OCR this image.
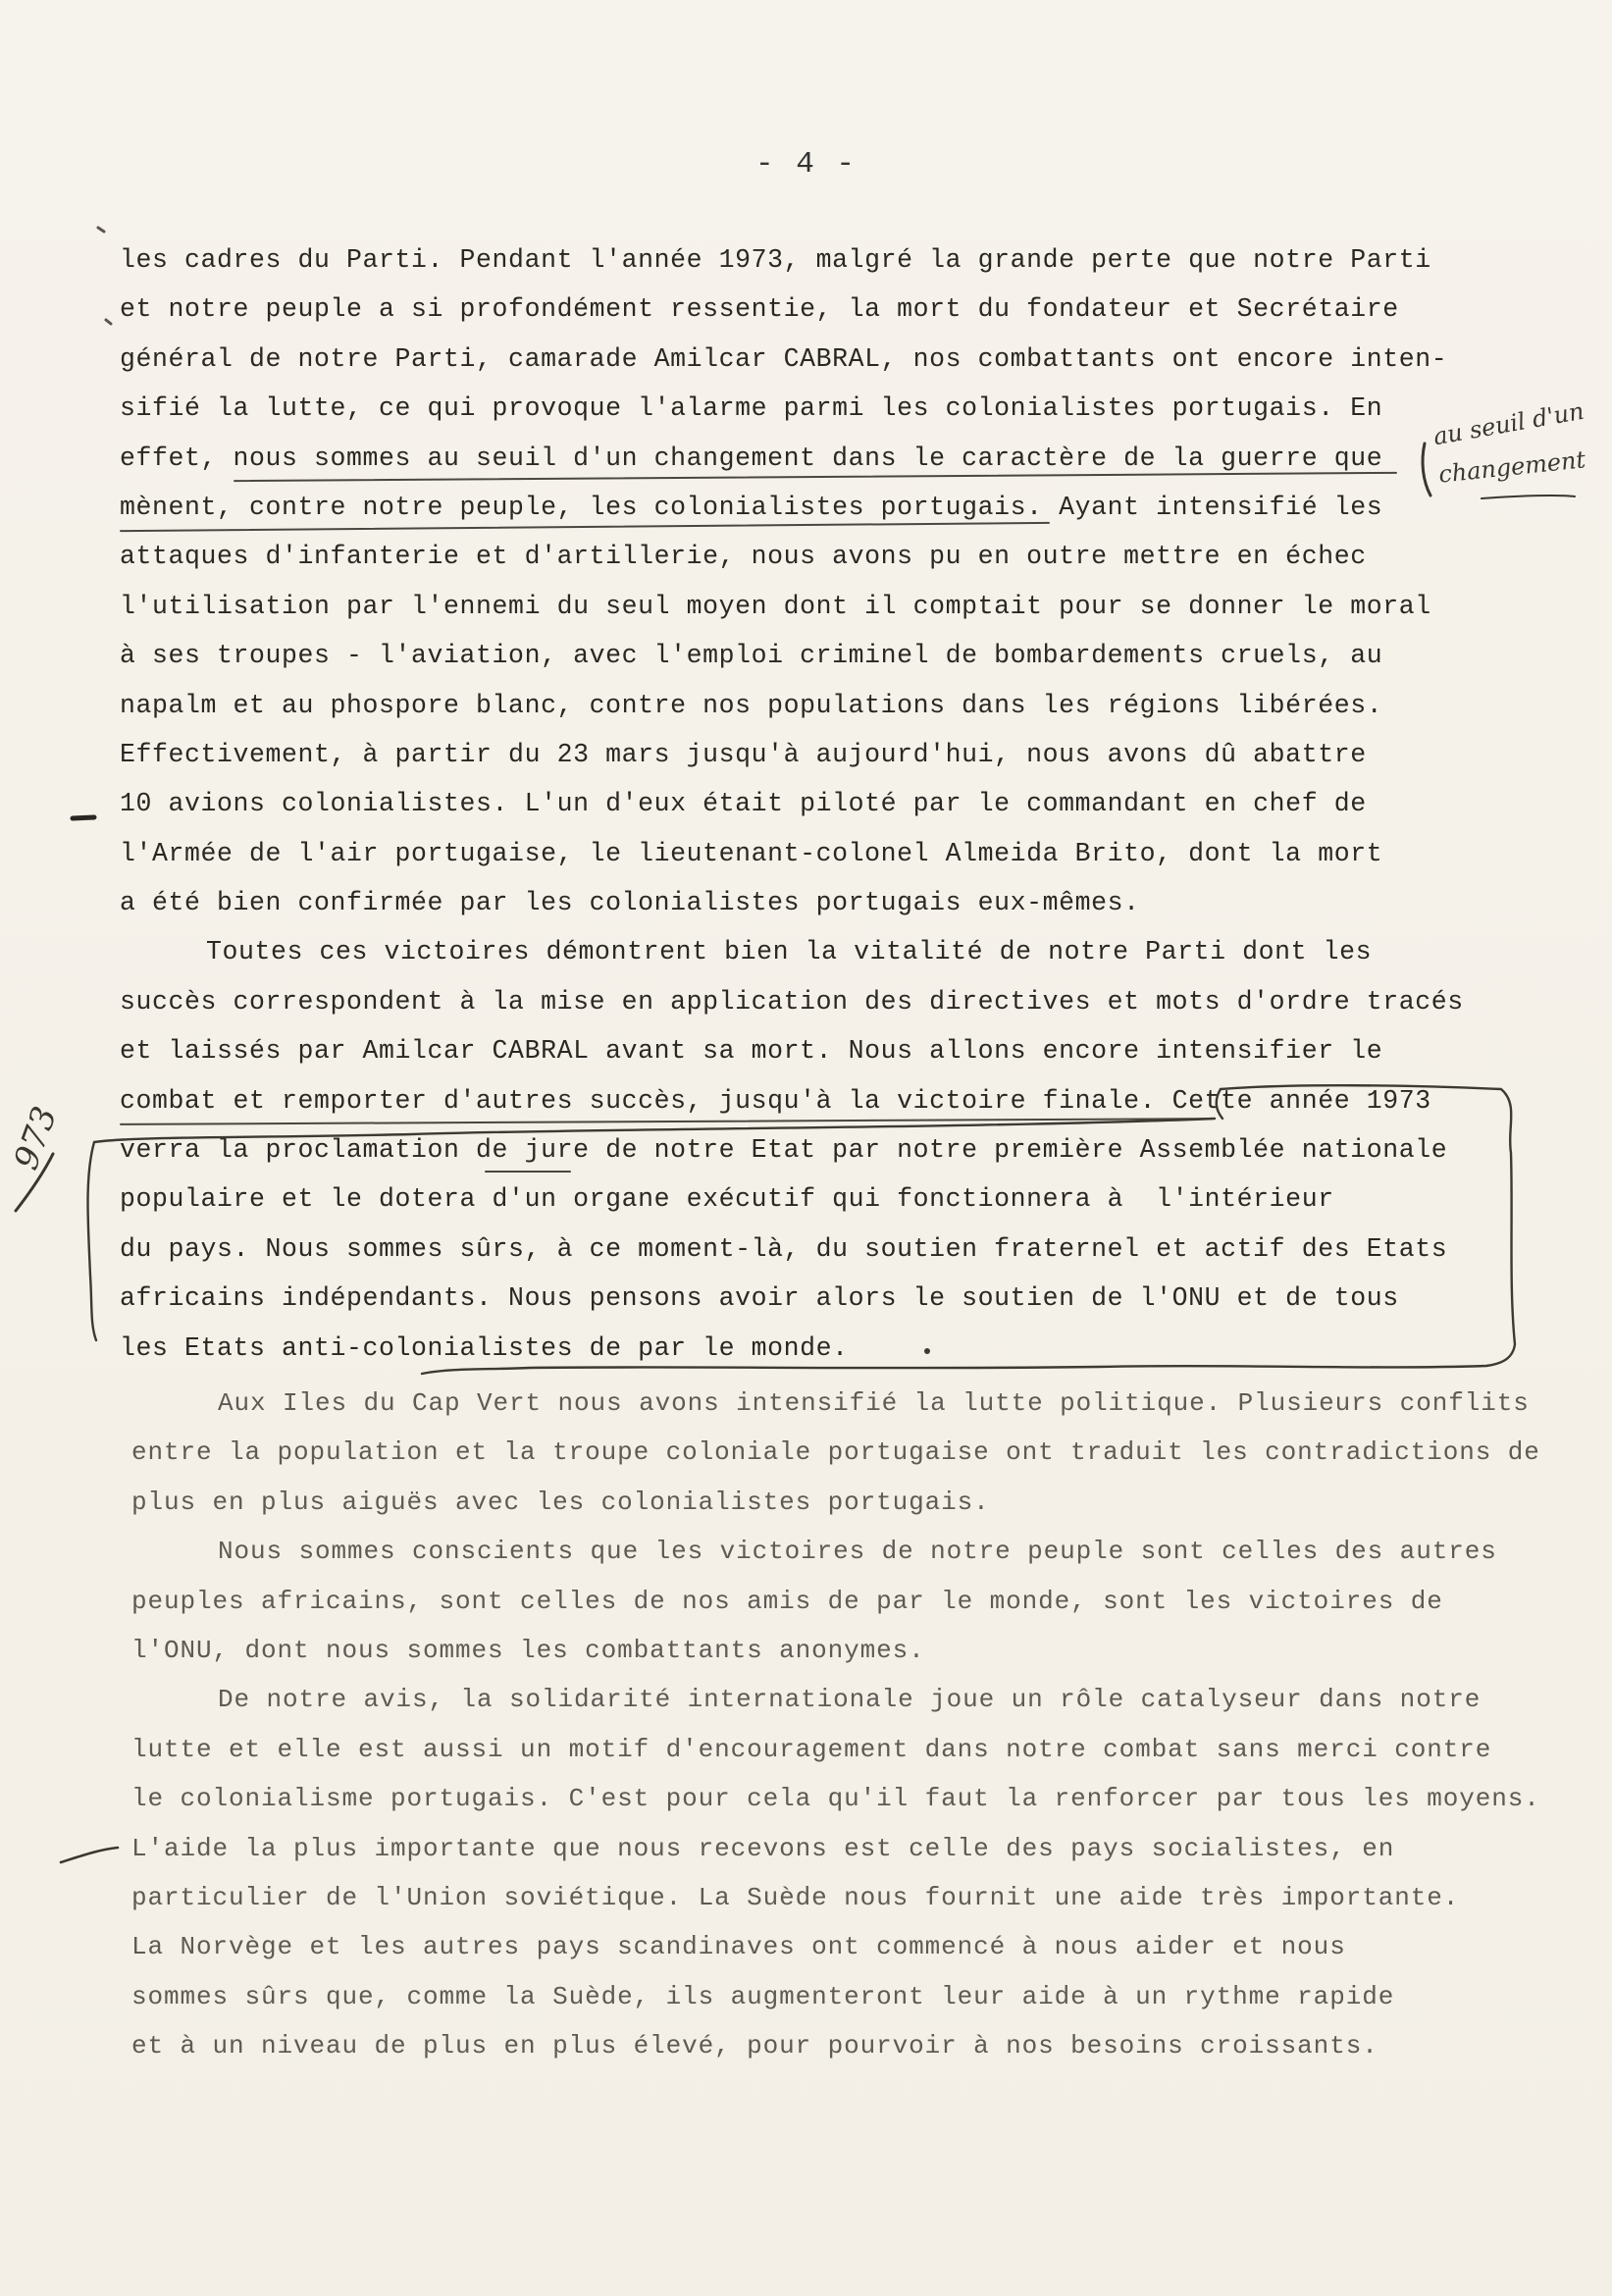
- 4 -
les cadres du Parti. Pendant l'année 1973, malgré la grande perte que notre Parti
et notre peuple a si profondément ressentie, la mort du fondateur et Secrétaire
général de notre Parti, camarade Amilcar CABRAL, nos combattants ont encore inten-
sifié la lutte, ce qui provoque l'alarme parmi les colonialistes portugais. En
effet, nous sommes au seuil d'un changement dans le caractère de la guerre que
mènent, contre notre peuple, les colonialistes portugais. Ayant intensifié les
attaques d'infanterie et d'artillerie, nous avons pu en outre mettre en échec
l'utilisation par l'ennemi du seul moyen dont il comptait pour se donner le moral
à ses troupes - l'aviation, avec l'emploi criminel de bombardements cruels, au
napalm et au phospore blanc, contre nos populations dans les régions libérées.
Effectivement, à partir du 23 mars jusqu'à aujourd'hui, nous avons dû abattre
10 avions colonialistes. L'un d'eux était piloté par le commandant en chef de
l'Armée de l'air portugaise, le lieutenant-colonel Almeida Brito, dont la mort
a été bien confirmée par les colonialistes portugais eux-mêmes.
Toutes ces victoires démontrent bien la vitalité de notre Parti dont les
succès correspondent à la mise en application des directives et mots d'ordre tracés
et laissés par Amilcar CABRAL avant sa mort. Nous allons encore intensifier le
combat et remporter d'autres succès, jusqu'à la victoire finale. Cette année 1973
verra la proclamation de jure de notre Etat par notre première Assemblée nationale
populaire et le dotera d'un organe exécutif qui fonctionnera à  l'intérieur
du pays. Nous sommes sûrs, à ce moment-là, du soutien fraternel et actif des Etats
africains indépendants. Nous pensons avoir alors le soutien de l'ONU et de tous
les Etats anti-colonialistes de par le monde.
Aux Iles du Cap Vert nous avons intensifié la lutte politique. Plusieurs conflits
entre la population et la troupe coloniale portugaise ont traduit les contradictions de
plus en plus aiguës avec les colonialistes portugais.
Nous sommes conscients que les victoires de notre peuple sont celles des autres
peuples africains, sont celles de nos amis de par le monde, sont les victoires de
l'ONU, dont nous sommes les combattants anonymes.
De notre avis, la solidarité internationale joue un rôle catalyseur dans notre
lutte et elle est aussi un motif d'encouragement dans notre combat sans merci contre
le colonialisme portugais. C'est pour cela qu'il faut la renforcer par tous les moyens.
L'aide la plus importante que nous recevons est celle des pays socialistes, en
particulier de l'Union soviétique. La Suède nous fournit une aide très importante.
La Norvège et les autres pays scandinaves ont commencé à nous aider et nous
sommes sûrs que, comme la Suède, ils augmenteront leur aide à un rythme rapide
et à un niveau de plus en plus élevé, pour pourvoir à nos besoins croissants.
au seuil d'un
changement
973
